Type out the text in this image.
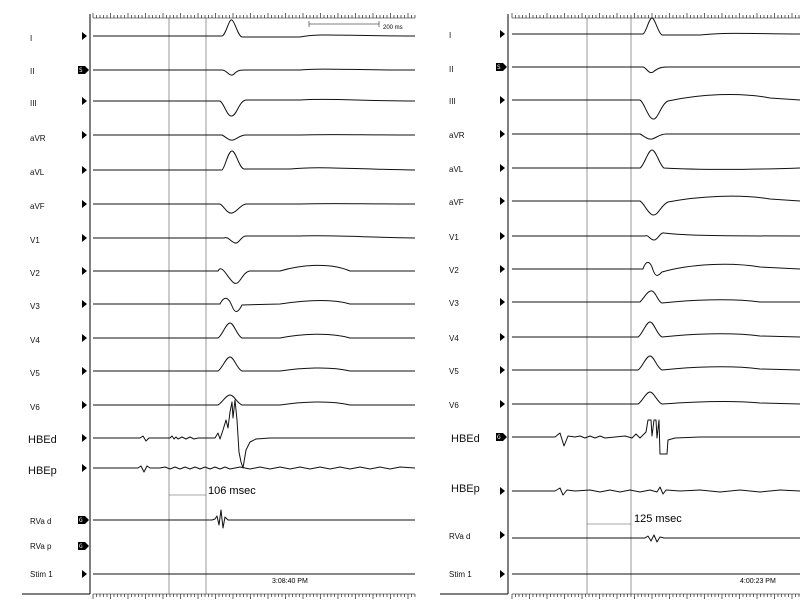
200 ms
106 msec
I
II
III
aVR
aVL
aVF
V1
V2
V3
V4
V5
V6
HBEd
HBEp
RVa d
RVa p
Stim 1
S
G
G
3:08:40 PM
125 msec
I
II
III
aVR
aVL
aVF
V1
V2
V3
V4
V5
V6
HBEd
HBEp
RVa d
Stim 1
S
G
4:00:23 PM
